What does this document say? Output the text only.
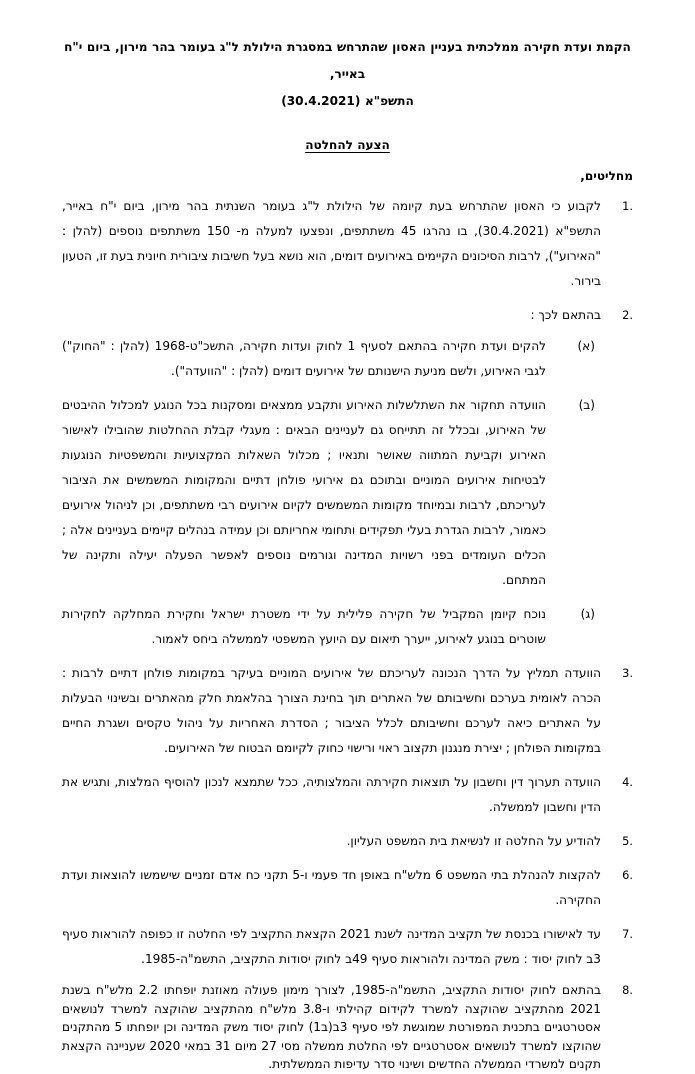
הקמת ועדת חקירה ממלכתית בעניין האסון שהתרחש במסגרת הילולת ל"ג בעומר בהר מירון, ביום י"ח באייר,
התשפ"א (30.4.2021)
הצעה להחלטה

מחליטים,

1.
לקבוע כי האסון שהתרחש בעת קיומה של הילולת ל"ג בעומר השנתית בהר מירון, ביום י"ח באייר, התשפ"א (30.4.2021), בו נהרגו 45 משתתפים, ונפצעו למעלה מ- 150 משתתפים נוספים (להלן : "האירוע"), לרבות הסיכונים הקיימים באירועים דומים, הוא נושא בעל חשיבות ציבורית חיונית בעת זו, הטעון בירור.
2.
בהתאם לכך :
(א)
להקים ועדת חקירה בהתאם לסעיף 1 לחוק ועדות חקירה, התשכ"ט-1968 (להלן : "החוק") לגבי האירוע, ולשם מניעת הישנותם של אירועים דומים (להלן : "הוועדה").
(ב)
הוועדה תחקור את השתלשלות האירוע ותקבע ממצאים ומסקנות בכל הנוגע למכלול ההיבטים של האירוע, ובכלל זה תתייחס גם לעניינים הבאים : מעגלי קבלת ההחלטות שהובילו לאישור האירוע וקביעת המתווה שאושר ותנאיו ; מכלול השאלות המקצועיות והמשפטיות הנוגעות לבטיחות אירועים המוניים ובתוכם גם אירועי פולחן דתיים והמקומות המשמשים את הציבור לעריכתם, לרבות ובמיוחד מקומות המשמשים לקיום אירועים רבי משתתפים, וכן לניהול אירועים כאמור, לרבות הגדרת בעלי תפקידים ותחומי אחריותם וכן עמידה בנהלים קיימים בעניינים אלה ; הכלים העומדים בפני רשויות המדינה וגורמים נוספים לאפשר הפעלה יעילה ותקינה של המתחם.
(ג)
נוכח קיומן המקביל של חקירה פלילית על ידי משטרת ישראל וחקירת המחלקה לחקירות שוטרים בנוגע לאירוע, ייערך תיאום עם היועץ המשפטי לממשלה ביחס לאמור.
3.
הוועדה תמליץ על הדרך הנכונה לעריכתם של אירועים המוניים בעיקר במקומות פולחן דתיים לרבות : הכרה לאומית בערכם וחשיבותם של האתרים תוך בחינת הצורך בהלאמת חלק מהאתרים ובשינוי הבעלות על האתרים כיאה לערכם וחשיבותם לכלל הציבור ; הסדרת האחריות על ניהול טקסים ושגרת החיים במקומות הפולחן ; יצירת מנגנון תקצוב ראוי ורישוי כחוק לקיומם הבטוח של האירועים.
4.
הוועדה תערוך דין וחשבון על תוצאות חקירתה והמלצותיה, ככל שתמצא לנכון להוסיף המלצות, ותגיש את הדין וחשבון לממשלה.
5.
להודיע על החלטה זו לנשיאת בית המשפט העליון.
6.
להקצות להנהלת בתי המשפט 6 מלש"ח באופן חד פעמי ו-5 תקני כח אדם זמניים שישמשו להוצאות ועדת החקירה.
7.
עד לאישורו בכנסת של תקציב המדינה לשנת 2021 הקצאת התקציב לפי החלטה זו כפופה להוראות סעיף 3ב לחוק יסוד : משק המדינה ולהוראות סעיף 49ב לחוק יסודות התקציב, התשמ"ה-1985.
8.
בהתאם לחוק יסודות התקציב, התשמ"ה-1985, לצורך מימון פעולה מאוזנת יופחתו 2.2 מלש"ח בשנת 2021 מהתקציב שהוקצה למשרד לקידום קהילתי ו-3.8 מלש"ח מהתקציב שהוקצה למשרד לנושאים אסטרטגיים בתכנית המפורטת שמוגשת לפי סעיף 3ב(ב1) לחוק יסוד משק המדינה וכן יופחתו 5 מהתקנים שהוקצו למשרד לנושאים אסטרטגיים לפי החלטת ממשלה מסי 27 מיום 31 במאי 2020 שעניינה הקצאת תקנים למשרדי הממשלה החדשים ושינוי סדר עדיפות הממשלתית.
